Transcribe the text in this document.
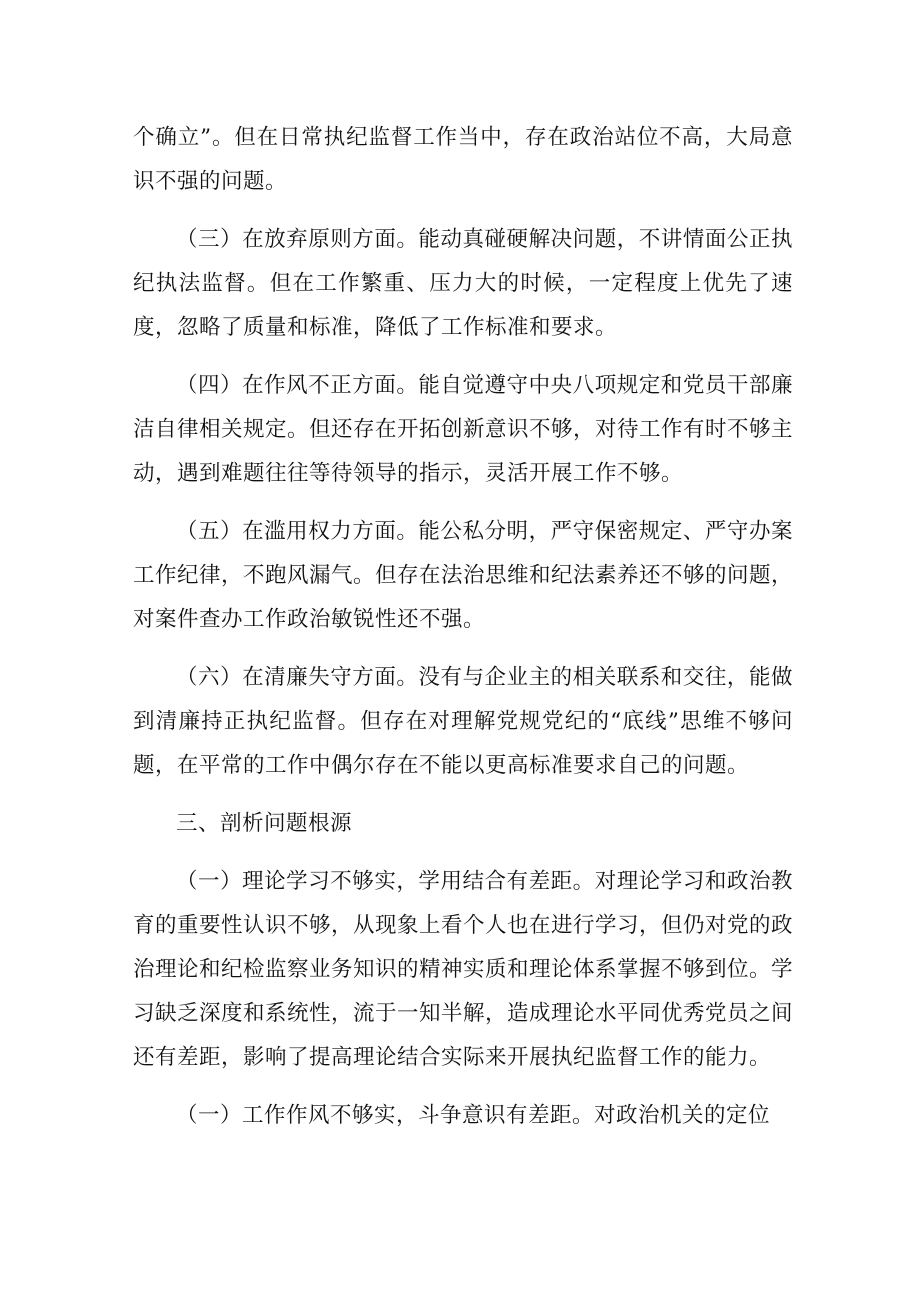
个确立”。但在日常执纪监督工作当中，存在政治站位不高，大局意识不强的问题。

（三）在放弃原则方面。能动真碰硬解决问题，不讲情面公正执纪执法监督。但在工作繁重、压力大的时候，一定程度上优先了速度，忽略了质量和标准，降低了工作标准和要求。

（四）在作风不正方面。能自觉遵守中央八项规定和党员干部廉洁自律相关规定。但还存在开拓创新意识不够，对待工作有时不够主动，遇到难题往往等待领导的指示，灵活开展工作不够。

（五）在滥用权力方面。能公私分明，严守保密规定、严守办案工作纪律，不跑风漏气。但存在法治思维和纪法素养还不够的问题，对案件查办工作政治敏锐性还不强。

（六）在清廉失守方面。没有与企业主的相关联系和交往，能做到清廉持正执纪监督。但存在对理解党规党纪的“底线”思维不够问题，在平常的工作中偶尔存在不能以更高标准要求自己的问题。

三、剖析问题根源

（一）理论学习不够实，学用结合有差距。对理论学习和政治教育的重要性认识不够，从现象上看个人也在进行学习，但仍对党的政治理论和纪检监察业务知识的精神实质和理论体系掌握不够到位。学习缺乏深度和系统性，流于一知半解，造成理论水平同优秀党员之间还有差距，影响了提高理论结合实际来开展执纪监督工作的能力。

（一）工作作风不够实，斗争意识有差距。对政治机关的定位
